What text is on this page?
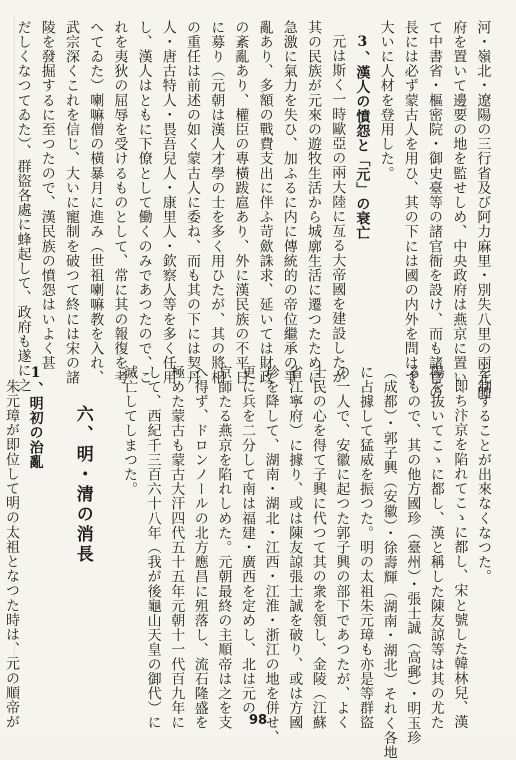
河・嶺北・遼陽の三行省及び阿力麻里・別失八里の兩元帥
府を置いて邊要の地を監せしめ、中央政府は燕京に置い
て中書省・樞密院・御史臺等の諸官衙を設け、而も諸官の
長には必ず蒙古人を用ひ、其の下には國の内外を問はず
大いに人材を登用した。
3、漢人の憤怨と「元」の衰亡
元は斯く一時歐亞の兩大陸に亙る大帝國を建設したが
其の民族が元來の遊牧生活から城廓生活に遷つたために
急激に氣力を失ひ、加ふるに内に傳統的の帝位繼承の爭
亂あり、多額の戰費支出に伴ふ苛歛誅求、延いては財政
の紊亂あり、權臣の專橫跋扈あり、外に漢民族の不平日
に募り（元朝は漢人才學の士を多く用ひたが、其の將相
の重任は前述の如く蒙古人に委ね、而も其の下には契丹
人・唐古特人・畏吾兒人・康里人・欽察人等を多く任用
し、漢人はともに下僚として働くのみであつたので、こ
れを夷狄の屈辱を受けるものとして、常に其の報復を考
へてゐた）喇嘛僧の橫暴月に進み（世祖喇嘛教を入れ、
武宗深くこれを信じ、大いに寵制を破つて終には宋の諸
陵を發掘するに至つたので、漢民族の憤怨はいよく甚
だしくなつてゐた）、群盜各處に蜂起して、政府も遂に之
を制することが出來なくなつた。
即ち汴京を陷れてこゝに都し、宋と號した韓林兒、漢
陽を抜いてこゝに都し、漢と稱した陳友諒等は其の尤た
るもので、其の他方國珍（臺州）・張士誠（高郵）・明玉珍
（成都）・郭子興（安徽）・徐壽輝（湖南・湖北）それく各地
に占據して猛威を振つた。明の太祖朱元璋も亦是等群盜
の一人で、安徽に起つた郭子興の部下であつたが、よく
士民の心を得て子興に代つて其の衆を領し、金陵（江蘇
省江寧府）に據り、或は陳友諒張士誠を破り、或は方國
珍を降して、湖南・湖北・江西・江淮・浙江の地を併せ、
更に兵を二分して南は福建・廣西を定めし、北は元の
京師たる燕京を陷れしめた。元朝最終の主順帝は之を支
へ得ず、ドロンノールの北方應昌に殂落し、流石隆盛を
極めた蒙古も蒙古大汗四代五十五年元朝十一代百九年に
して、西紀千三百六十八年（我が後龜山天皇の御代）に
滅亡してしまつた。
六、明・清の消長
1、明初の治亂
朱元璋が即位して明の太祖となつた時は、元の順帝が	98
